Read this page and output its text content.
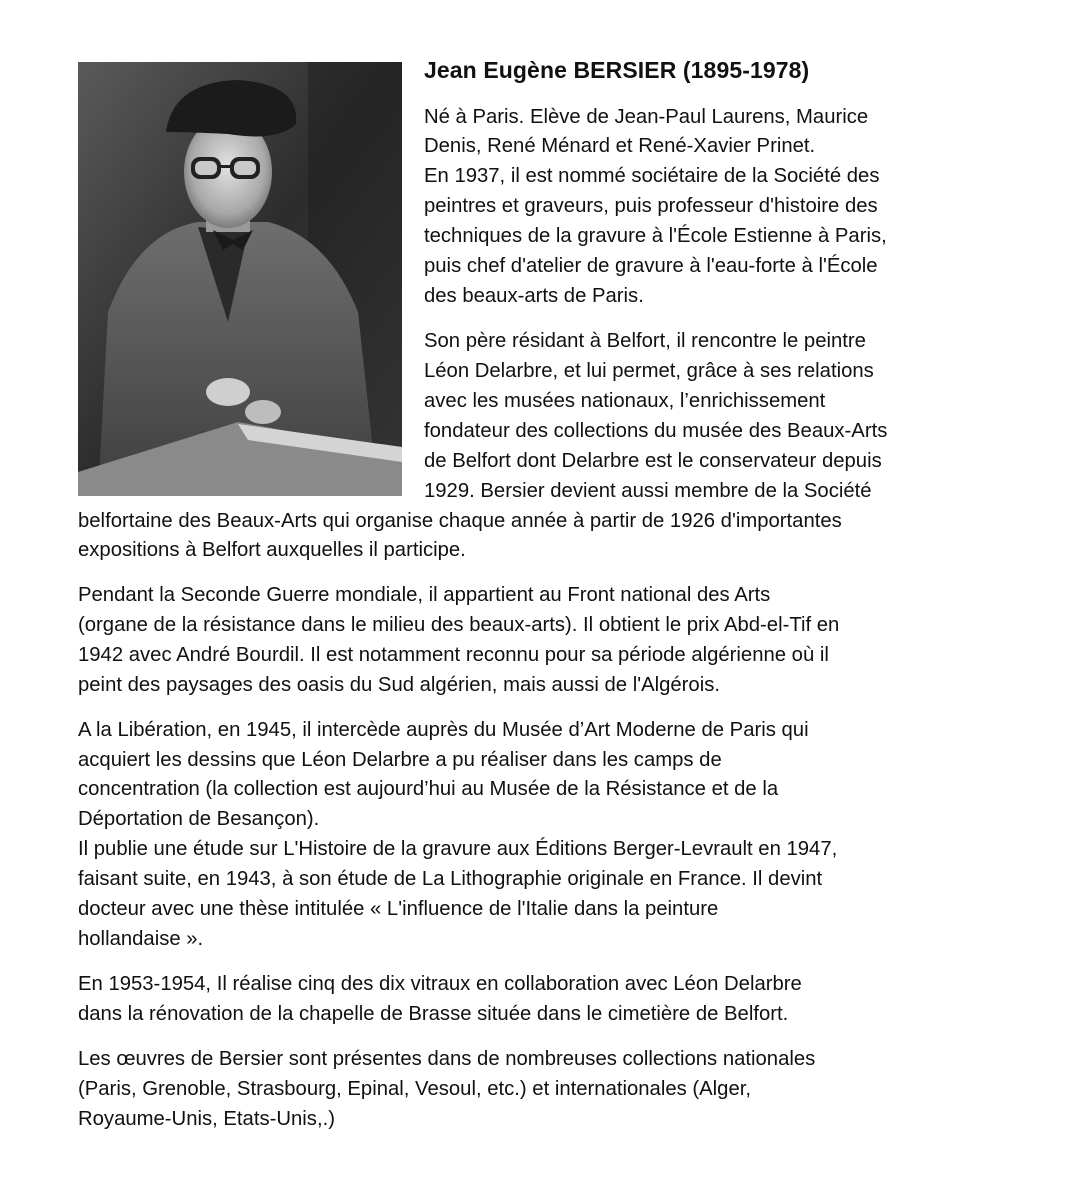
Jean Eugène BERSIER (1895-1978)
Né à Paris. Elève de Jean-Paul Laurens, Maurice
Denis, René Ménard et René-Xavier Prinet.
En 1937, il est nommé sociétaire de la Société des
peintres et graveurs, puis professeur d'histoire des
techniques de la gravure à l'École Estienne à Paris,
puis chef d'atelier de gravure à l'eau-forte à l'École
des beaux-arts de Paris.
Son père résidant à Belfort, il rencontre le peintre
Léon Delarbre, et lui permet, grâce à ses relations
avec les musées nationaux, l’enrichissement
fondateur des collections du musée des Beaux-Arts
de Belfort dont Delarbre est le conservateur depuis
1929. Bersier devient aussi membre de la Société
belfortaine des Beaux-Arts qui organise chaque année à partir de 1926 d'importantes
expositions à Belfort auxquelles il participe.
Pendant la Seconde Guerre mondiale, il appartient au Front national des Arts
(organe de la résistance dans le milieu des beaux-arts). Il obtient le prix Abd-el-Tif en
1942 avec André Bourdil. Il est notamment reconnu pour sa période algérienne où il
peint des paysages des oasis du Sud algérien, mais aussi de l'Algérois.
A la Libération, en 1945, il intercède auprès du Musée d’Art Moderne de Paris qui
acquiert les dessins que Léon Delarbre a pu réaliser dans les camps de
concentration (la collection est aujourd’hui au Musée de la Résistance et de la
Déportation de Besançon).
Il publie une étude sur L'Histoire de la gravure aux Éditions Berger-Levrault en 1947,
faisant suite, en 1943, à son étude de La Lithographie originale en France. Il devint
docteur avec une thèse intitulée « L'influence de l'Italie dans la peinture
hollandaise ».
En 1953-1954, Il réalise cinq des dix vitraux en collaboration avec Léon Delarbre
dans la rénovation de la chapelle de Brasse située dans le cimetière de Belfort.
Les œuvres de Bersier sont présentes dans de nombreuses collections nationales
(Paris, Grenoble, Strasbourg, Epinal, Vesoul, etc.) et internationales (Alger,
Royaume-Unis, Etats-Unis,.)
